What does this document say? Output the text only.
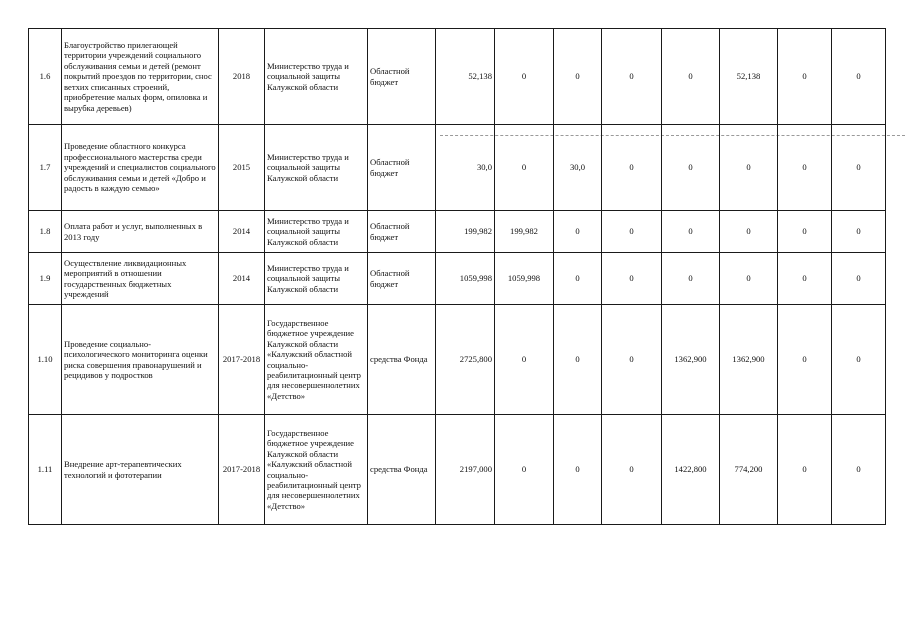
1.6	Благоустройство прилегающей территории учреждений социального обслуживания семьи и детей (ремонт покрытий проездов по территории, снос ветхих списанных строений, приобретение малых форм, опиловка и вырубка деревьев)	2018	Министерство труда и социальной защиты Калужской области	Областной бюджет	52,138	0	0	0	0	52,138	0	0
1.7	Проведение областного конкурса профессионального мастерства среди учреждений и специалистов социального обслуживания семьи и детей «Добро и радость в каждую семью»	2015	Министерство труда и социальной защиты Калужской области	Областной бюджет	30,0	0	30,0	0	0	0	0	0
1.8	Оплата работ и услуг, выполненных в 2013 году	2014	Министерство труда и социальной защиты Калужской области	Областной бюджет	199,982	199,982	0	0	0	0	0	0
1.9	Осуществление ликвидационных мероприятий в отношении государственных бюджетных учреждений	2014	Министерство труда и социальной защиты Калужской области	Областной бюджет	1059,998	1059,998	0	0	0	0	0	0
1.10	Проведение социально-психологического мониторинга оценки риска совершения правонарушений и рецидивов у подростков	2017-2018	Государственное бюджетное учреждение Калужской области «Калужский областной социально-реабилитационный центр для несовершеннолетних «Детство»	средства Фонда	2725,800	0	0	0	1362,900	1362,900	0	0
1.11	Внедрение арт-терапевтических технологий и фототерапии	2017-2018	Государственное бюджетное учреждение Калужской области «Калужский областной социально-реабилитационный центр для несовершеннолетних «Детство»	средства Фонда	2197,000	0	0	0	1422,800	774,200	0	0
